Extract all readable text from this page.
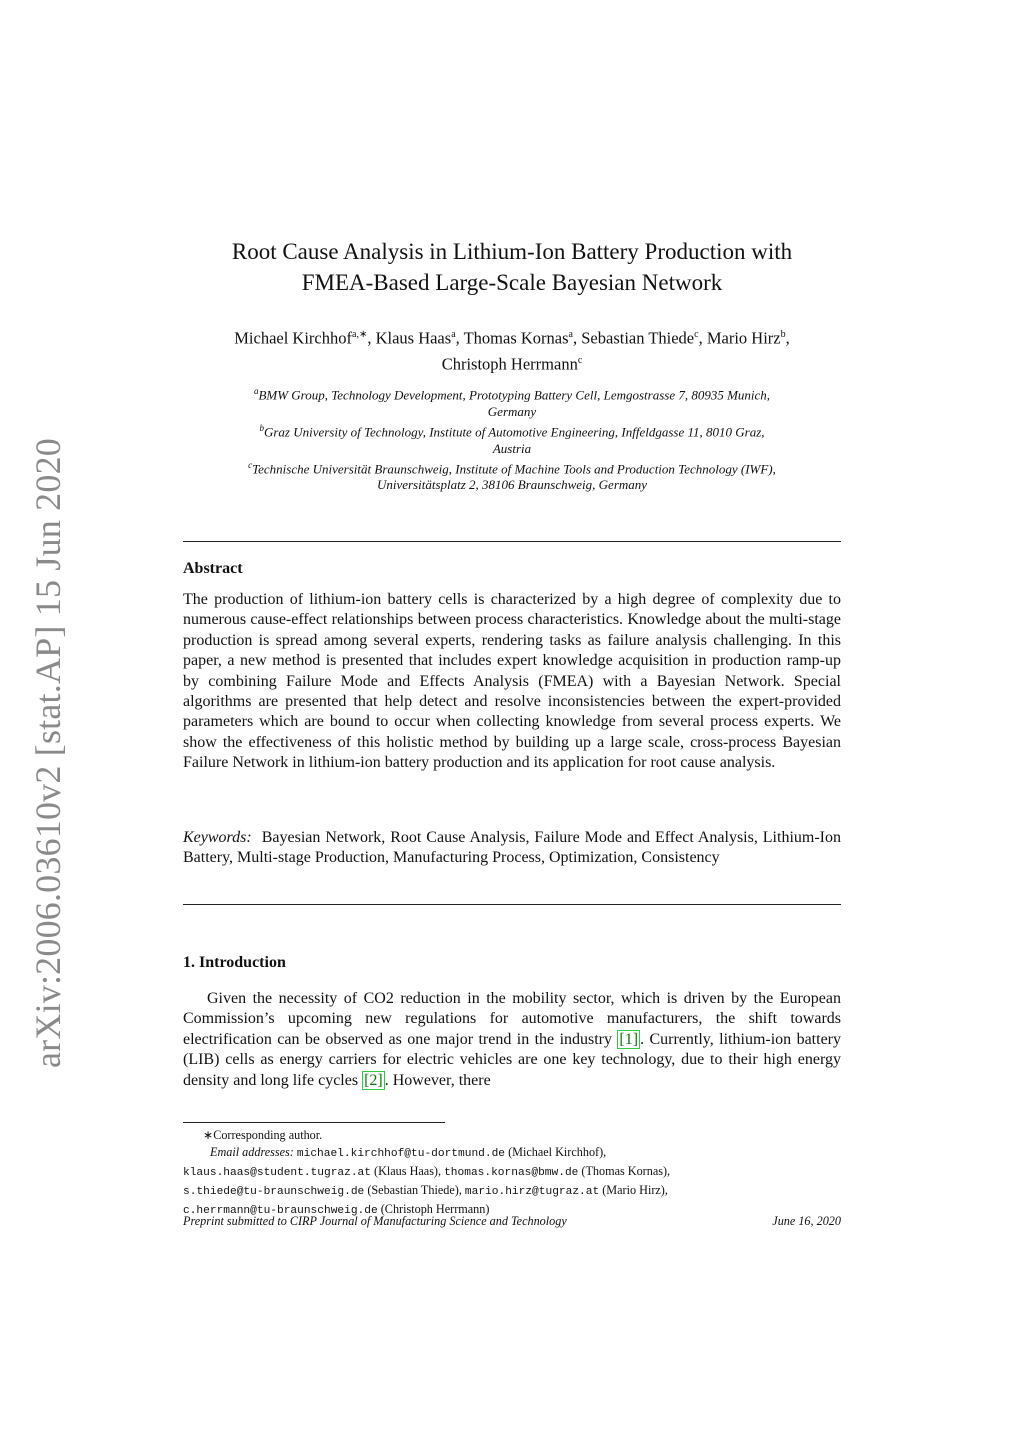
arXiv:2006.03610v2 [stat.AP] 15 Jun 2020
Root Cause Analysis in Lithium-Ion Battery Production with
FMEA-Based Large-Scale Bayesian Network
Michael Kirchhof$^{a,∗}$, Klaus Haas$^a$, Thomas Kornas$^a$, Sebastian Thiede$^c$, Mario Hirz$^b$,
Christoph Herrmann$^c$
$^a$BMW Group, Technology Development, Prototyping Battery Cell, Lemgostrasse 7, 80935 Munich,
Germany
$^b$Graz University of Technology, Institute of Automotive Engineering, Inffeldgasse 11, 8010 Graz,
Austria
$^c$Technische Universität Braunschweig, Institute of Machine Tools and Production Technology (IWF),
Universitätsplatz 2, 38106 Braunschweig, Germany
Abstract
The production of lithium-ion battery cells is characterized by a high degree of complexity due to numerous cause-effect relationships between process characteristics. Knowledge about the multi-stage production is spread among several experts, rendering tasks as failure analysis challenging. In this paper, a new method is presented that includes expert knowledge acquisition in production ramp-up by combining Failure Mode and Effects Analysis (FMEA) with a Bayesian Network. Special algorithms are presented that help detect and resolve inconsistencies between the expert-provided parameters which are bound to occur when collecting knowledge from several process experts. We show the effectiveness of this holistic method by building up a large scale, cross-process Bayesian Failure Network in lithium-ion battery production and its application for root cause analysis.
Keywords: Bayesian Network, Root Cause Analysis, Failure Mode and Effect Analysis, Lithium-Ion Battery, Multi-stage Production, Manufacturing Process, Optimization, Consistency
1. Introduction
Given the necessity of CO2 reduction in the mobility sector, which is driven by the European Commission’s upcoming new regulations for automotive manufacturers, the shift towards electrification can be observed as one major trend in the industry [1] . Currently, lithium-ion battery (LIB) cells as energy carriers for electric vehicles are one key technology, due to their high energy density and long life cycles [2] . However, there
∗Corresponding author.
Email addresses: michael.kirchhof@tu-dortmund.de (Michael Kirchhof),
klaus.haas@student.tugraz.at (Klaus Haas), thomas.kornas@bmw.de (Thomas Kornas),
s.thiede@tu-braunschweig.de (Sebastian Thiede), mario.hirz@tugraz.at (Mario Hirz),
c.herrmann@tu-braunschweig.de (Christoph Herrmann)
Preprint submitted to CIRP Journal of Manufacturing Science and Technology	June 16, 2020
